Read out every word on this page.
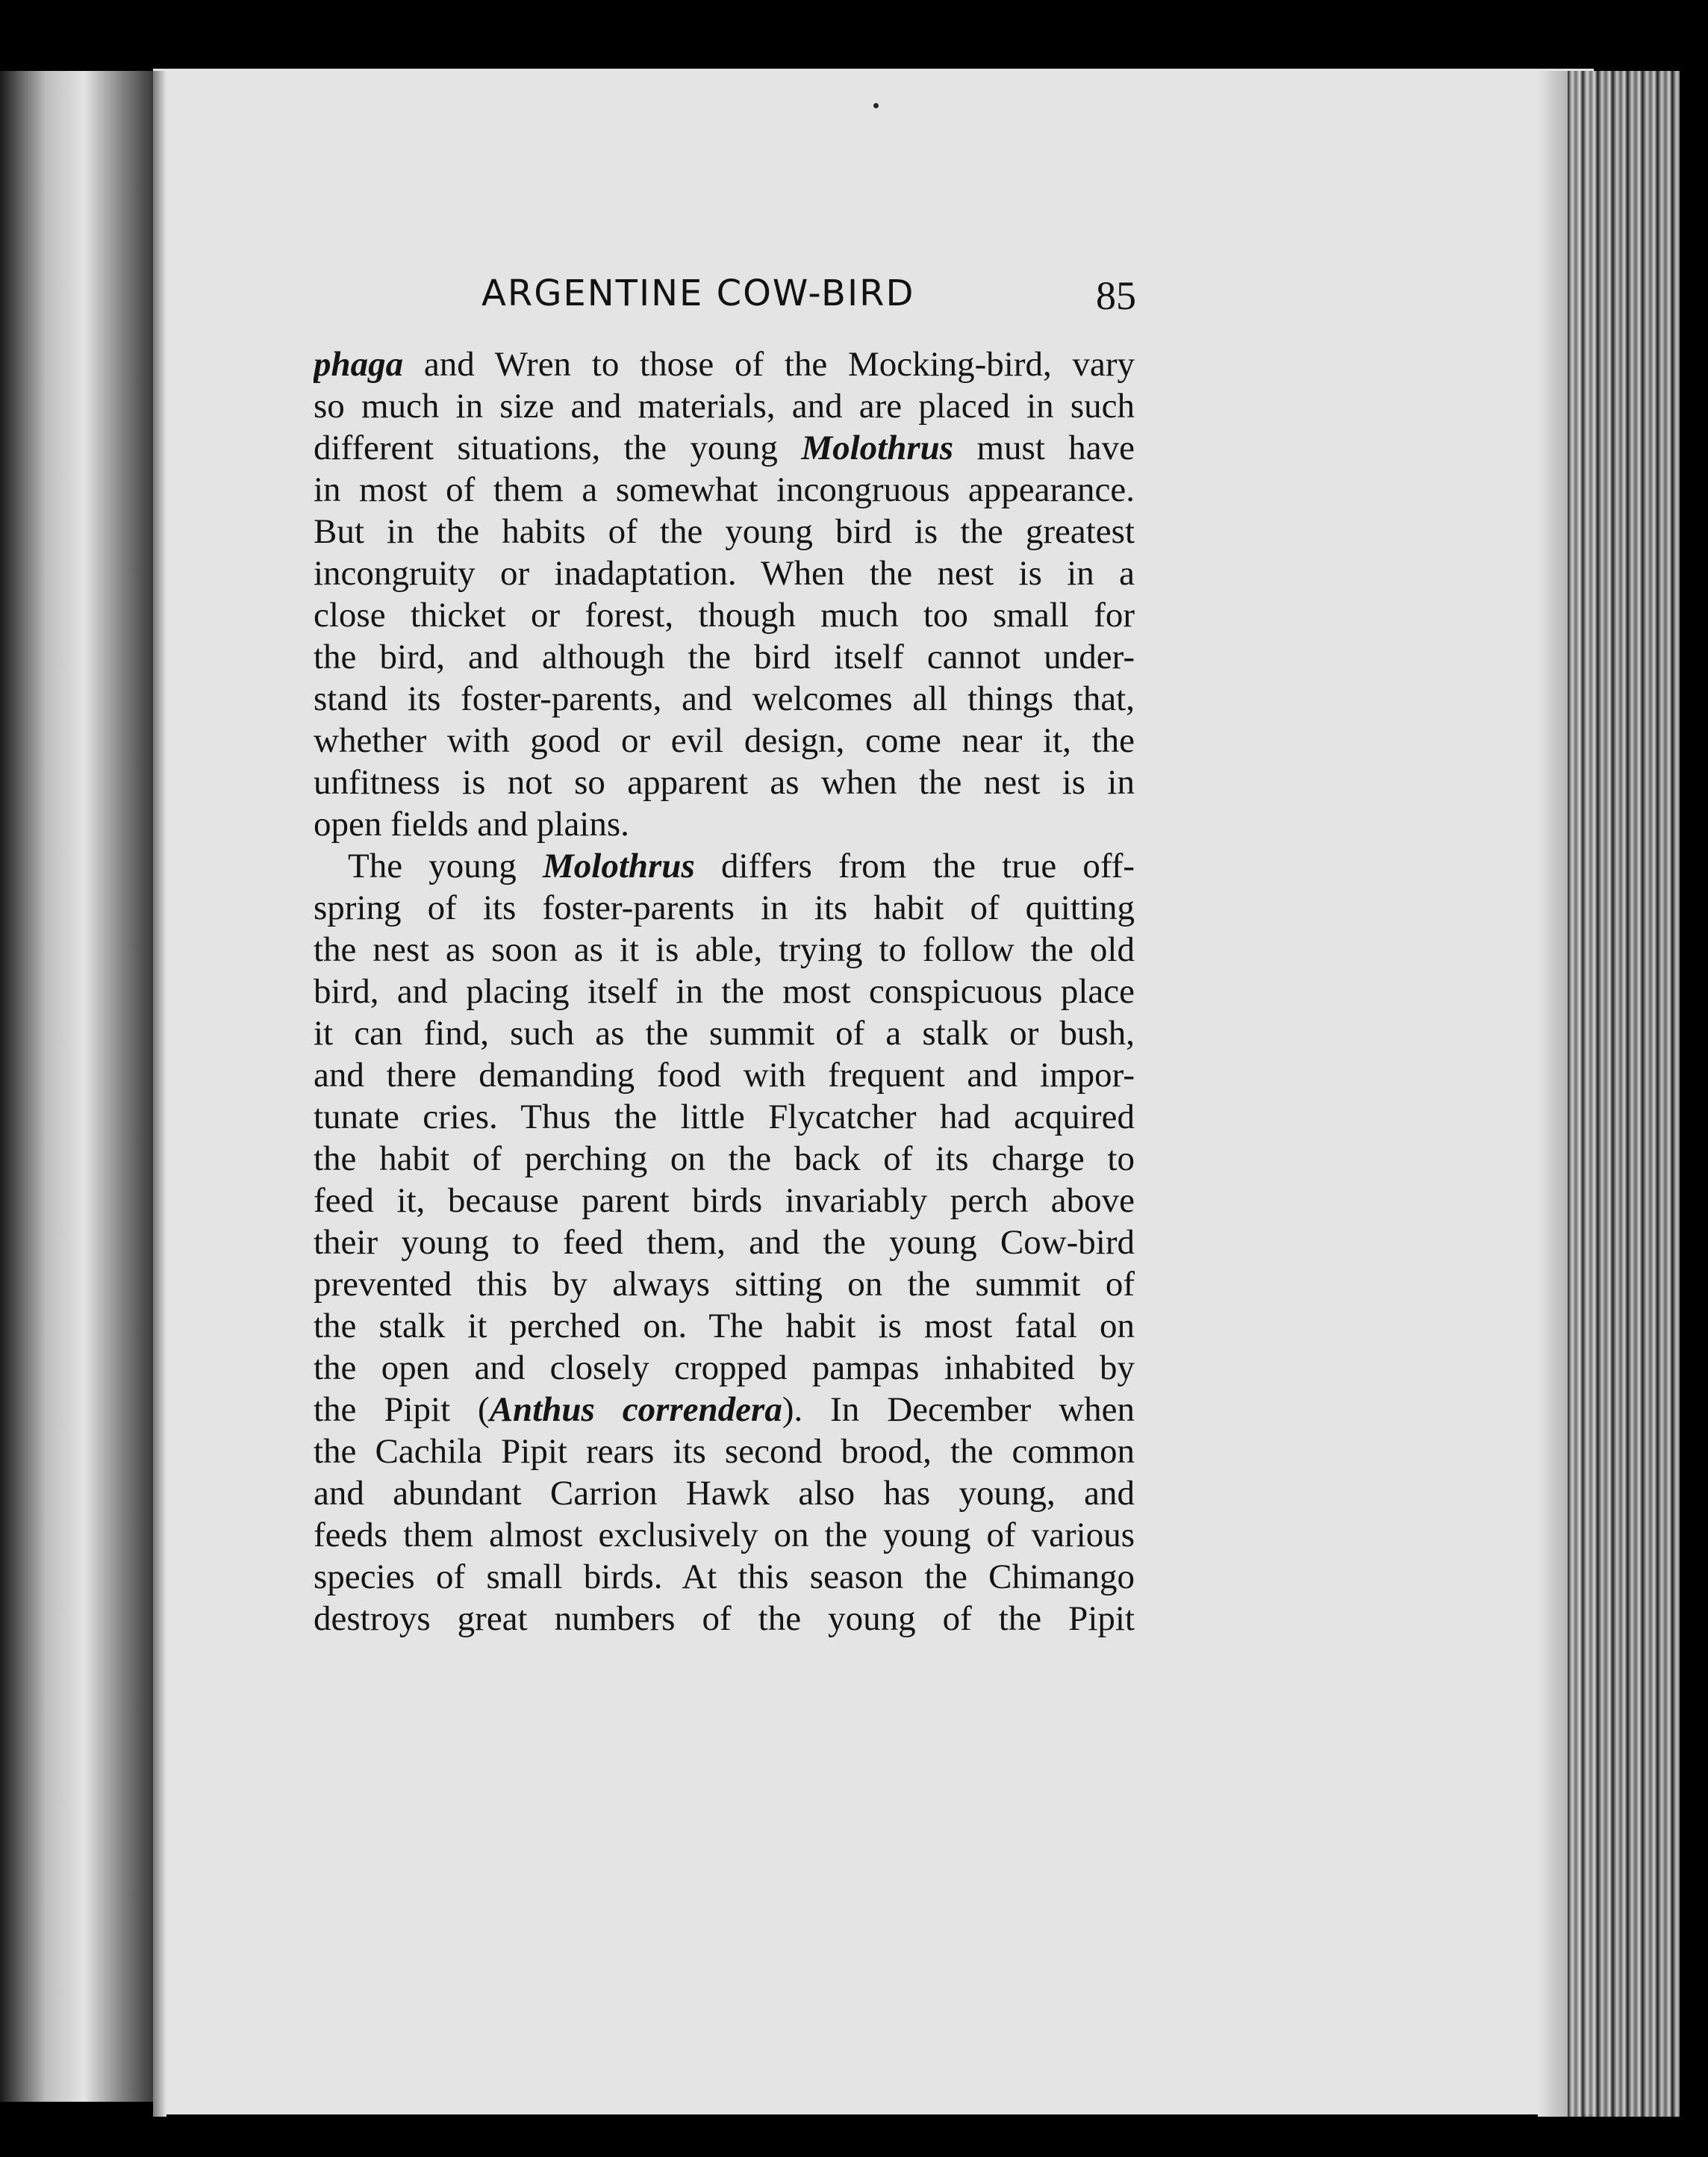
ARGENTINE COW-BIRD	85
phaga and Wren to those of the Mocking-bird, vary
so much in size and materials, and are placed in such
different situations, the young Molothrus must have
in most of them a somewhat incongruous appearance.
But in the habits of the young bird is the greatest
incongruity or inadaptation. When the nest is in a
close thicket or forest, though much too small for
the bird, and although the bird itself cannot under-
stand its foster-parents, and welcomes all things that,
whether with good or evil design, come near it, the
unfitness is not so apparent as when the nest is in
open fields and plains.
The young Molothrus differs from the true off-
spring of its foster-parents in its habit of quitting
the nest as soon as it is able, trying to follow the old
bird, and placing itself in the most conspicuous place
it can find, such as the summit of a stalk or bush,
and there demanding food with frequent and impor-
tunate cries. Thus the little Flycatcher had acquired
the habit of perching on the back of its charge to
feed it, because parent birds invariably perch above
their young to feed them, and the young Cow-bird
prevented this by always sitting on the summit of
the stalk it perched on. The habit is most fatal on
the open and closely cropped pampas inhabited by
the Pipit (Anthus correndera). In December when
the Cachila Pipit rears its second brood, the common
and abundant Carrion Hawk also has young, and
feeds them almost exclusively on the young of various
species of small birds. At this season the Chimango
destroys great numbers of the young of the Pipit
